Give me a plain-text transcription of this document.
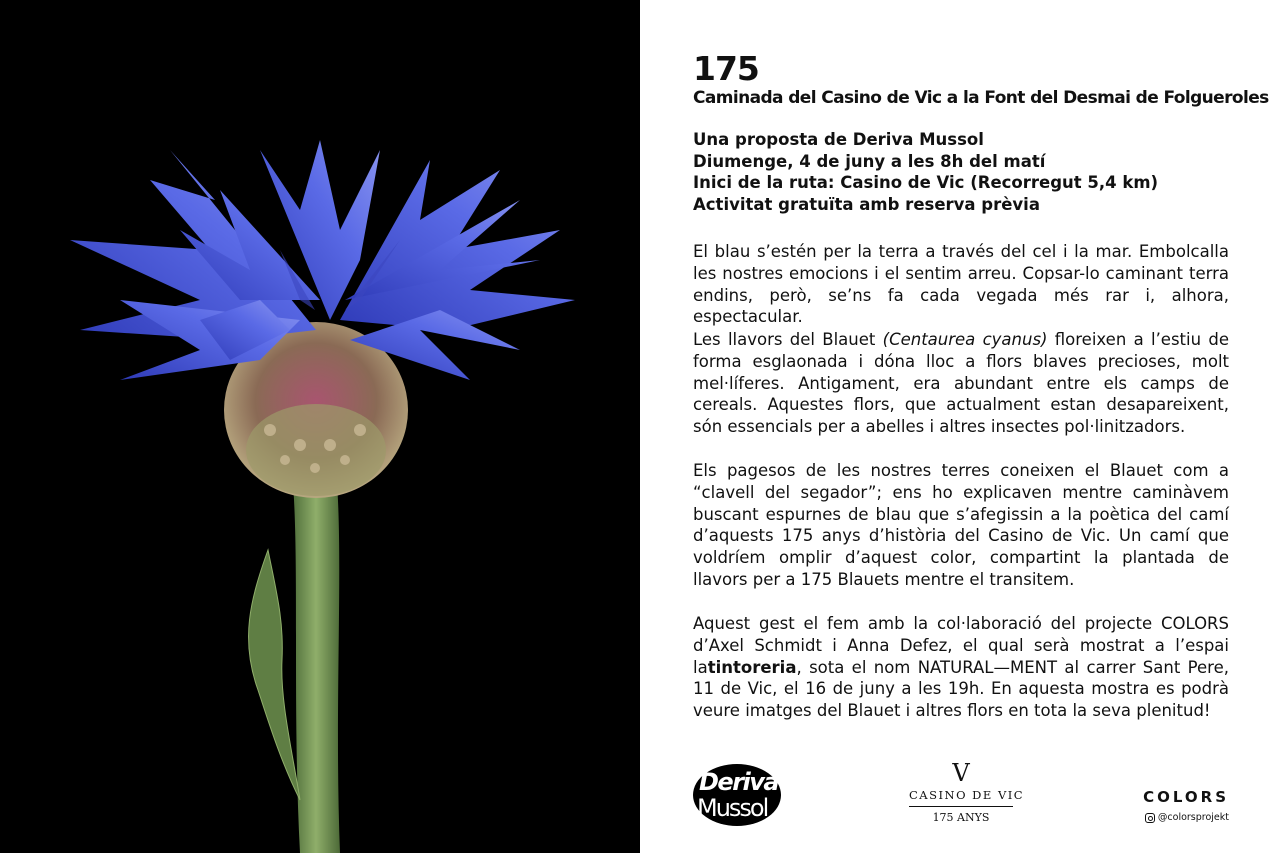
175
Caminada del Casino de Vic a la Font del Desmai de Folgueroles
Una proposta de Deriva Mussol
Diumenge, 4 de juny a les 8h del matí
Inici de la ruta: Casino de Vic (Recorregut 5,4 km)
Activitat gratuïta amb reserva prèvia

El blau s’estén per la terra a través del cel i la mar. Embolcalla les nostres emocions i el sentim arreu. Copsar-lo caminant terra endins, però, se’ns fa cada vegada més rar i, alhora, espectacular.

Les llavors del Blauet (Centaurea cyanus) floreixen a l’estiu de forma esglaonada i dóna lloc a flors blaves precioses, molt mel·líferes. Antigament, era abundant entre els camps de cereals. Aquestes flors, que actualment estan desapareixent, són essencials per a abelles i altres insectes pol·linitzadors.

Els pagesos de les nostres terres coneixen el Blauet com a “clavell del segador”; ens ho explicaven mentre caminàvem buscant espurnes de blau que s’afegissin a la poètica del camí d’aquests 175 anys d’història del Casino de Vic. Un camí que voldríem omplir d’aquest color, compartint la plantada de llavors per a 175 Blauets mentre el transitem.

Aquest gest el fem amb la col·laboració del projecte COLORS d’Axel Schmidt i Anna Defez, el qual serà mostrat a l’espai latintoreria, sota el nom NATURAL—MENT al carrer Sant Pere, 11 de Vic, el 16 de juny a les 19h. En aquesta mostra es podrà veure imatges del Blauet i altres flors en tota la seva plenitud!

Deriva
Mussol
V
CASINO DE VIC
175 ANYS
COLORS
@colorsprojekt
